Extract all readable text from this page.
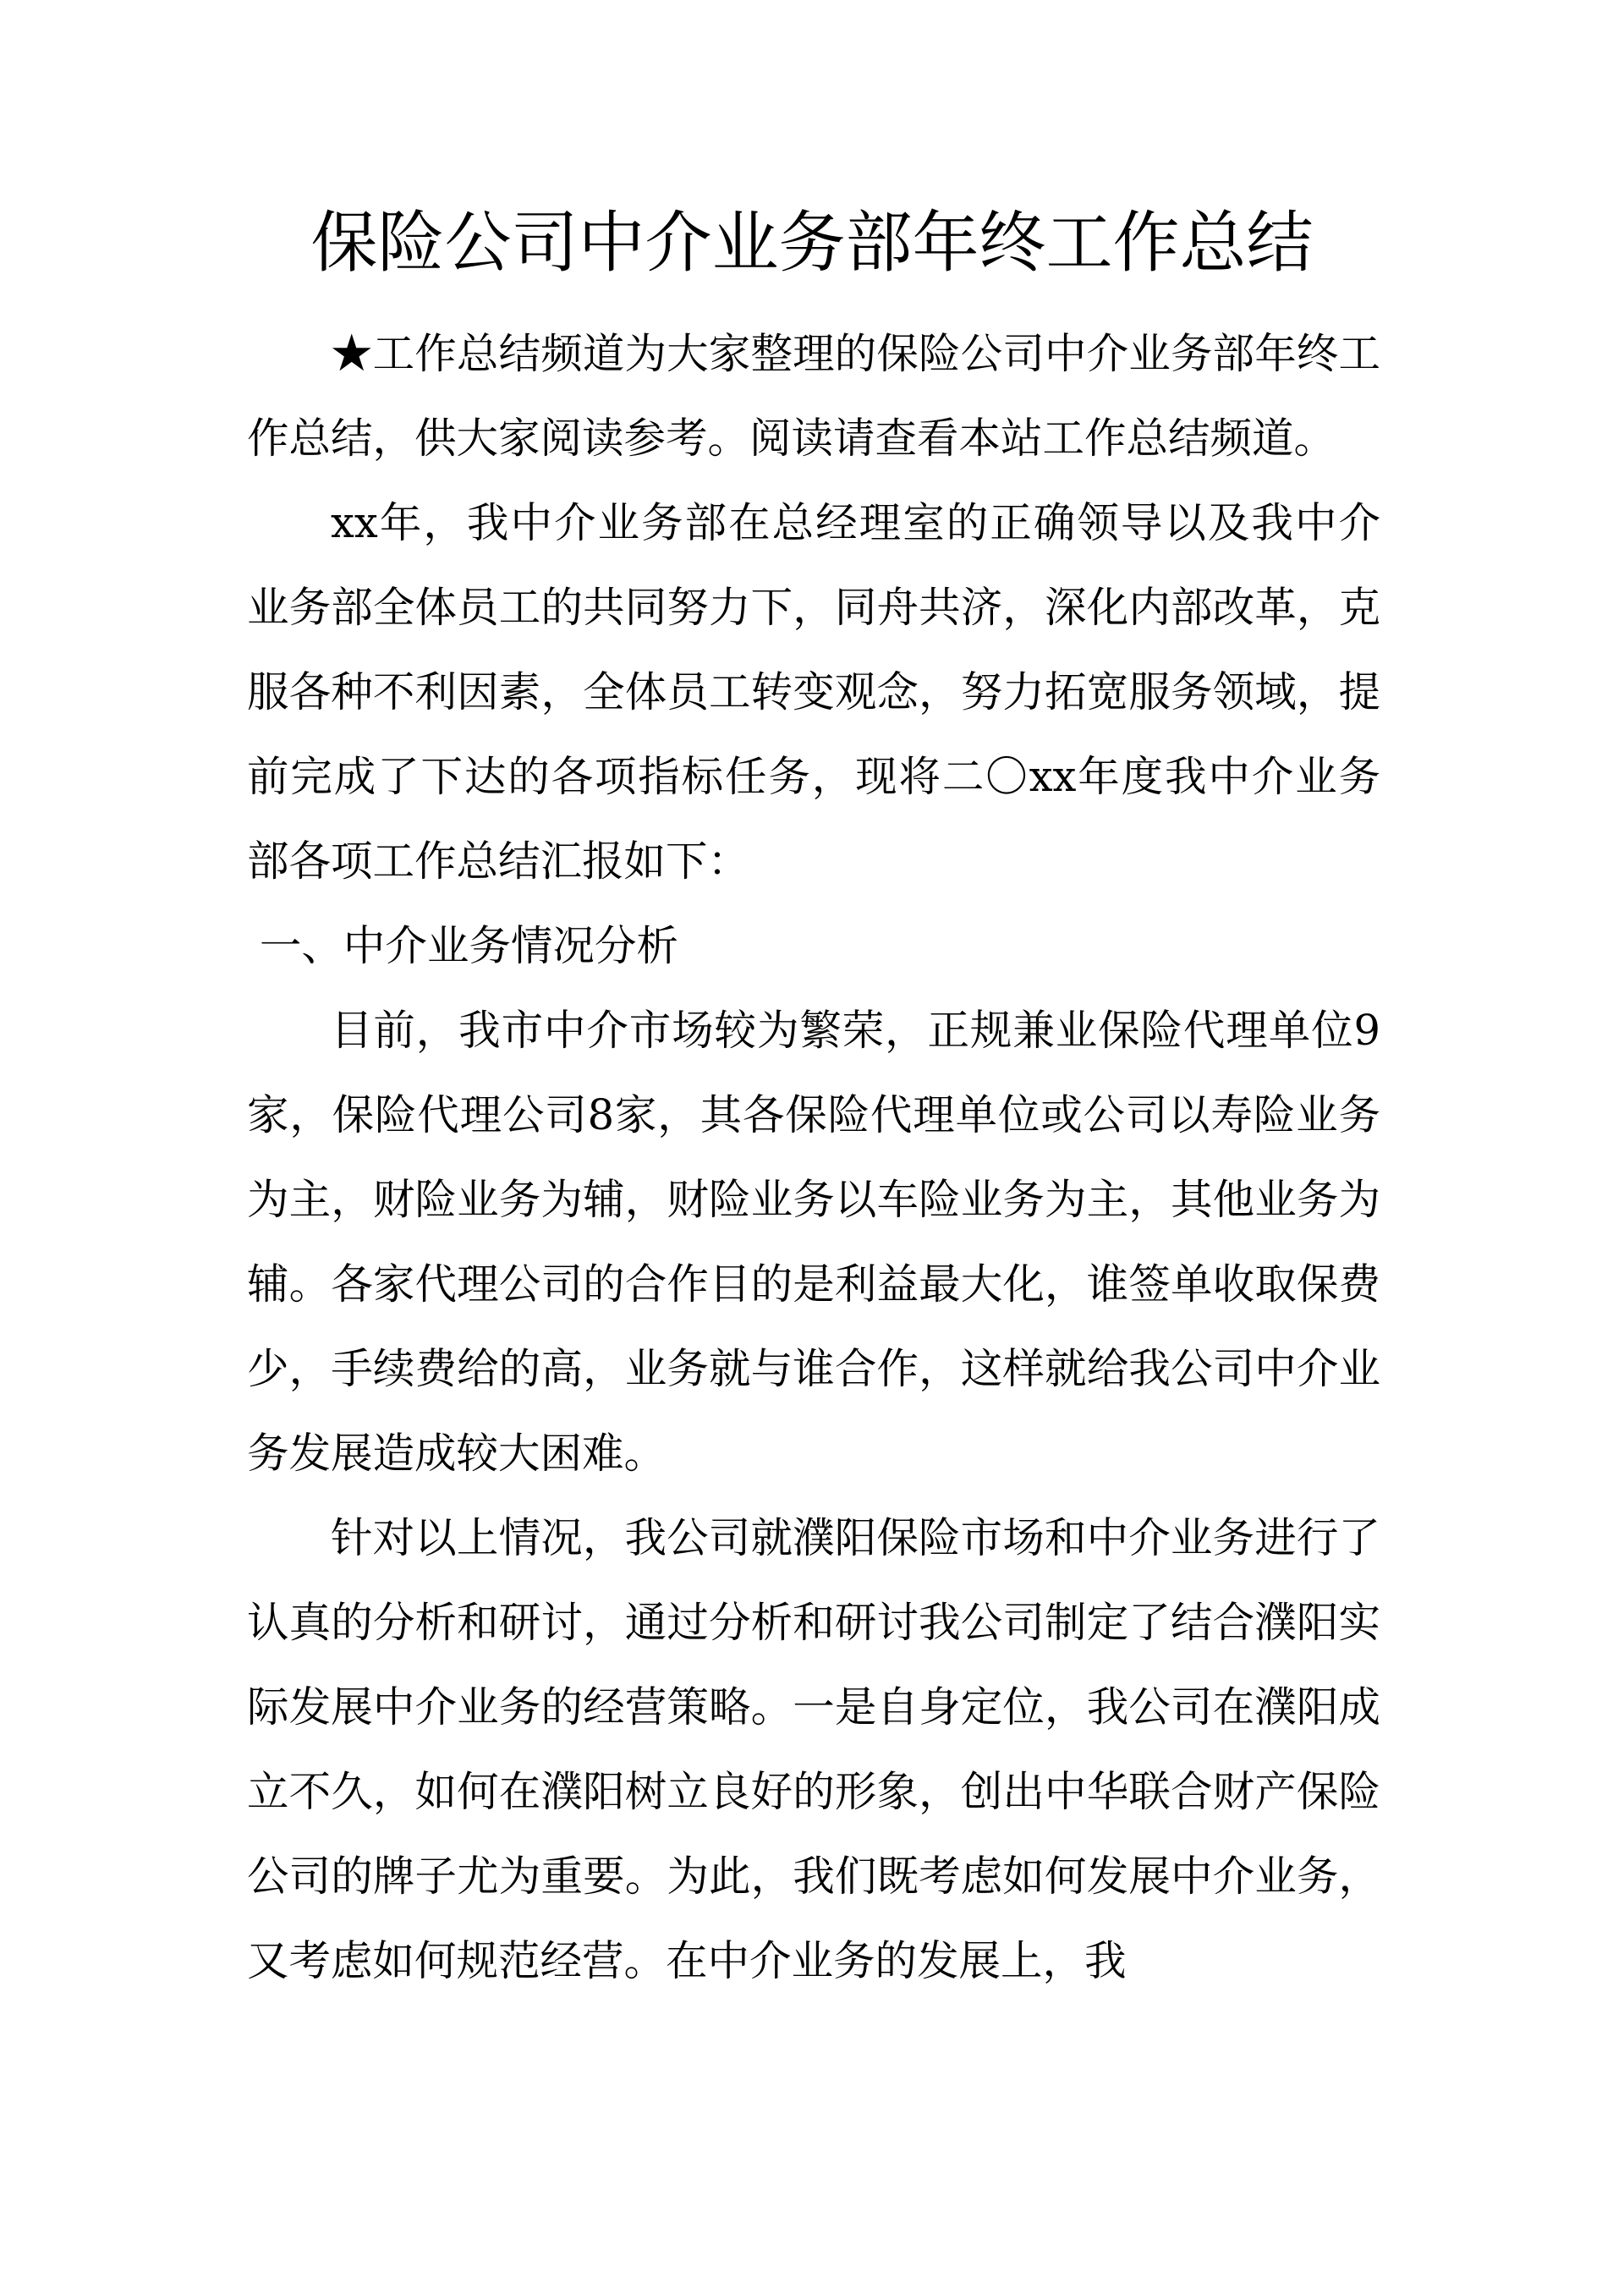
保险公司中介业务部年终工作总结

★工作总结频道为大家整理的保险公司中介业务部年终工作总结，供大家阅读参考。阅读请查看本站工作总结频道。

xx年，我中介业务部在总经理室的正确领导以及我中介业务部全体员工的共同努力下，同舟共济，深化内部改革，克服各种不利因素，全体员工转变观念，努力拓宽服务领域，提前完成了下达的各项指标任务，现将二〇xx年度我中介业务部各项工作总结汇报如下：

一、中介业务情况分析

目前，我市中介市场较为繁荣，正规兼业保险代理单位9家，保险代理公司8家，其各保险代理单位或公司以寿险业务为主，财险业务为辅，财险业务以车险业务为主，其他业务为辅。各家代理公司的合作目的是利益最大化，谁签单收取保费少，手续费给的高，业务就与谁合作，这样就给我公司中介业务发展造成较大困难。

针对以上情况，我公司就濮阳保险市场和中介业务进行了认真的分析和研讨，通过分析和研讨我公司制定了结合濮阳实际发展中介业务的经营策略。一是自身定位，我公司在濮阳成立不久，如何在濮阳树立良好的形象，创出中华联合财产保险公司的牌子尤为重要。为此，我们既考虑如何发展中介业务，又考虑如何规范经营。在中介业务的发展上，我
